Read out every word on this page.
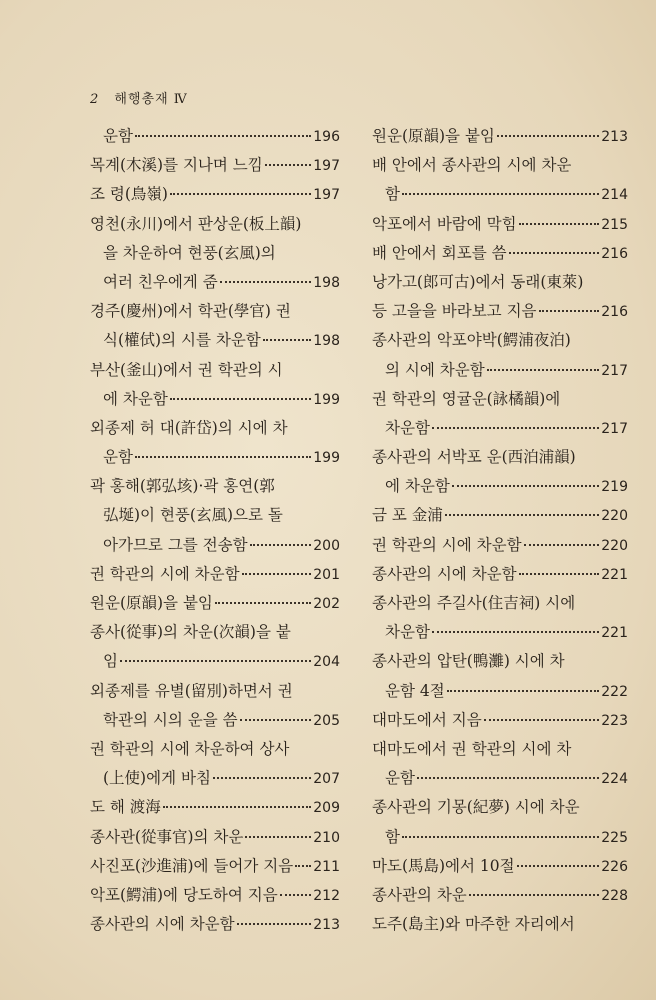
2 해행총재 Ⅳ
운함	196
목계(木溪)를 지나며 느낌	197
조 령(鳥嶺)	197
영천(永川)에서 판상운(板上韻)
을 차운하여 현풍(玄風)의
여러 친우에게 줌	198
경주(慶州)에서 학관(學官) 권
식(權侙)의 시를 차운함	198
부산(釜山)에서 권 학관의 시
에 차운함	199
외종제 허 대(許岱)의 시에 차
운함	199
곽 홍해(郭弘垓)·곽 홍연(郭
弘埏)이 현풍(玄風)으로 돌
아가므로 그를 전송함	200
권 학관의 시에 차운함	201
원운(原韻)을 붙임	202
종사(從事)의 차운(次韻)을 붙
임	204
외종제를 유별(留別)하면서 권
학관의 시의 운을 씀	205
권 학관의 시에 차운하여 상사
(上使)에게 바침	207
도 해 渡海	209
종사관(從事官)의 차운	210
사진포(沙進浦)에 들어가 지음 211
악포(鰐浦)에 당도하여 지음	212
종사관의 시에 차운함	213
원운(原韻)을 붙임	213
배 안에서 종사관의 시에 차운
함	214
악포에서 바람에 막힘	215
배 안에서 회포를 씀	216
낭가고(郎可古)에서 동래(東萊)
등 고을을 바라보고 지음	216
종사관의 악포야박(鰐浦夜泊)
의 시에 차운함	217
권 학관의 영귤운(詠橘韻)에
차운함	217
종사관의 서박포 운(西泊浦韻)
에 차운함	219
금 포 金浦	220
권 학관의 시에 차운함	220
종사관의 시에 차운함	221
종사관의 주길사(住吉祠) 시에
차운함	221
종사관의 압탄(鴨灘) 시에 차
운함 4절	222
대마도에서 지음	223
대마도에서 권 학관의 시에 차
운함	224
종사관의 기몽(紀夢) 시에 차운
함	225
마도(馬島)에서 10절	226
종사관의 차운	228
도주(島主)와 마주한 자리에서
